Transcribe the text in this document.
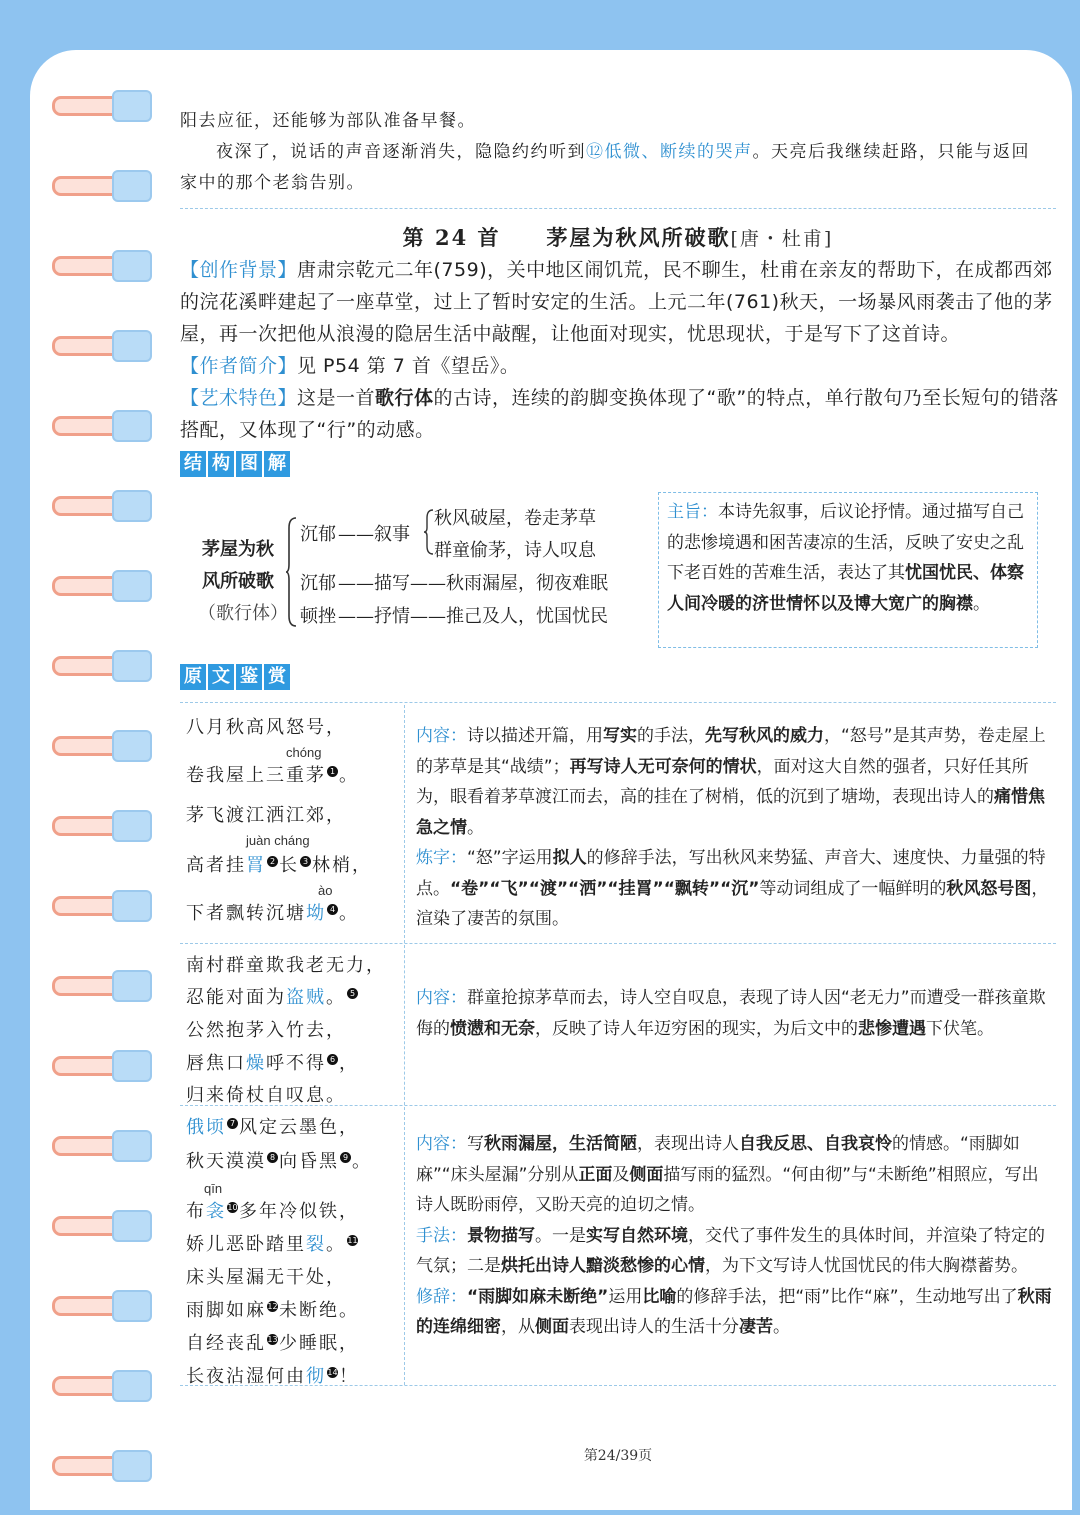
阳去应征，还能够为部队准备早餐。
夜深了，说话的声音逐渐消失，隐隐约约听到⑫低微、断续的哭声。天亮后我继续赶路，只能与返回
家中的那个老翁告别。
第 24 首　　茅屋为秋风所破歌[唐・杜甫]
【创作背景】唐肃宗乾元二年(759)，关中地区闹饥荒，民不聊生，杜甫在亲友的帮助下，在成都西郊的浣花溪畔建起了一座草堂，过上了暂时安定的生活。上元二年(761)秋天，一场暴风雨袭击了他的茅屋，再一次把他从浪漫的隐居生活中敲醒，让他面对现实，忧思现状，于是写下了这首诗。
【作者简介】见 P54 第 7 首《望岳》。
【艺术特色】这是一首歌行体的古诗，连续的韵脚变换体现了“歌”的特点，单行散句乃至长短句的错落搭配，又体现了“行”的动感。
结 构 图 解
茅屋为秋
风所破歌
（歌行体）
沉郁 ——叙事
秋风破屋，卷走茅草
群童偷茅，诗人叹息
沉郁 ——描写——秋雨漏屋，彻夜难眠
顿挫 ——抒情——推己及人，忧国忧民
主旨：本诗先叙事，后议论抒情。通过描写自己的悲惨境遇和困苦凄凉的生活，反映了安史之乱下老百姓的苦难生活，表达了其忧国忧民、体察人间冷暖的济世情怀以及博大宽广的胸襟。
原 文 鉴 赏
八月秋高风怒号，
chóng
卷我屋上三重茅 1 。
茅飞渡江洒江郊，
juàn cháng
高者挂罥 2 长 3 林梢，
ào
下者飘转沉塘坳 4 。
内容：诗以描述开篇，用写实的手法，先写秋风的威力，“怒号”是其声势，卷走屋上的茅草是其“战绩”；再写诗人无可奈何的情状，面对这大自然的强者，只好任其所为，眼看着茅草渡江而去，高的挂在了树梢，低的沉到了塘坳，表现出诗人的痛惜焦急之情。
炼字：“怒”字运用拟人的修辞手法，写出秋风来势猛、声音大、速度快、力量强的特点。“卷”“飞”“渡”“洒”“挂罥”“飘转”“沉”等动词组成了一幅鲜明的秋风怒号图，渲染了凄苦的氛围。
南村群童欺我老无力，
忍能对面为盗贼。 5
公然抱茅入竹去，
唇焦口燥呼不得 6 ，
归来倚杖自叹息。
内容：群童抢掠茅草而去，诗人空自叹息，表现了诗人因“老无力”而遭受一群孩童欺侮的愤懑和无奈，反映了诗人年迈穷困的现实，为后文中的悲惨遭遇下伏笔。
俄顷 7 风定云墨色，
秋天漠漠 8 向昏黑 9 。
qīn
布衾10多年冷似铁，
娇儿恶卧踏里裂。11
床头屋漏无干处，
雨脚如麻12未断绝。
自经丧乱13少睡眠，
长夜沾湿何由彻14！
内容：写秋雨漏屋，生活简陋，表现出诗人自我反思、自我哀怜的情感。“雨脚如麻”“床头屋漏”分别从正面及侧面描写雨的猛烈。“何由彻”与“未断绝”相照应，写出诗人既盼雨停，又盼天亮的迫切之情。
手法：景物描写。一是实写自然环境，交代了事件发生的具体时间，并渲染了特定的气氛；二是烘托出诗人黯淡愁惨的心情，为下文写诗人忧国忧民的伟大胸襟蓄势。
修辞：“雨脚如麻未断绝”运用比喻的修辞手法，把“雨”比作“麻”，生动地写出了秋雨的连绵细密，从侧面表现出诗人的生活十分凄苦。
第24/39页
